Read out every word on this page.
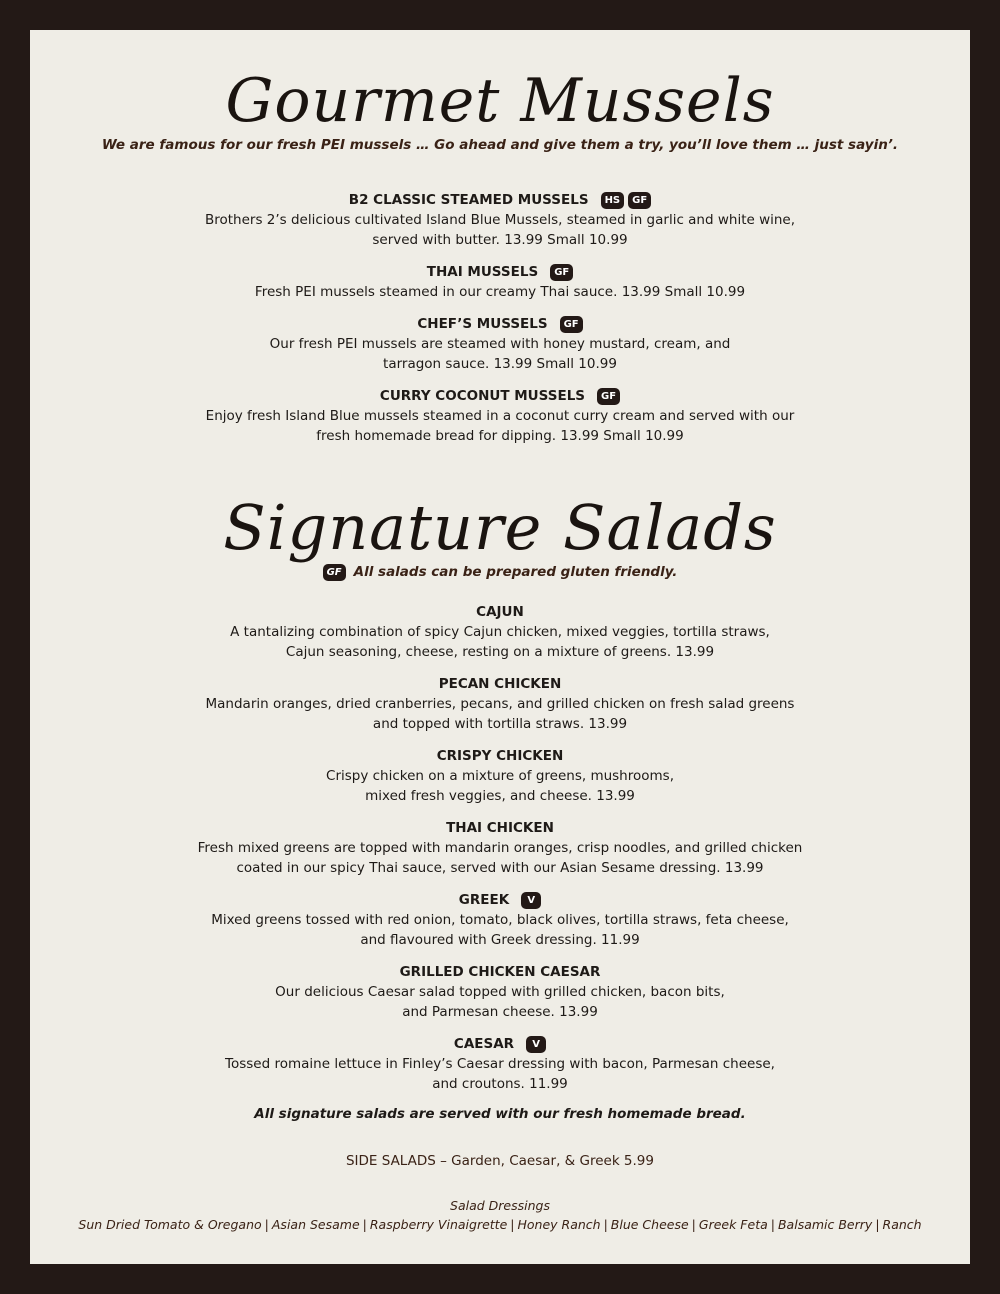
Gourmet Mussels
We are famous for our fresh PEI mussels … Go ahead and give them a try, you’ll love them … just sayin’.
B2 CLASSIC STEAMED MUSSELS HS GF
Brothers 2’s delicious cultivated Island Blue Mussels, steamed in garlic and white wine,
served with butter. 13.99 Small 10.99
THAI MUSSELS GF
Fresh PEI mussels steamed in our creamy Thai sauce. 13.99 Small 10.99
CHEF’S MUSSELS GF
Our fresh PEI mussels are steamed with honey mustard, cream, and
tarragon sauce. 13.99 Small 10.99
CURRY COCONUT MUSSELS GF
Enjoy fresh Island Blue mussels steamed in a coconut curry cream and served with our
fresh homemade bread for dipping. 13.99 Small 10.99
Signature Salads
GF All salads can be prepared gluten friendly.
CAJUN
A tantalizing combination of spicy Cajun chicken, mixed veggies, tortilla straws,
Cajun seasoning, cheese, resting on a mixture of greens. 13.99
PECAN CHICKEN
Mandarin oranges, dried cranberries, pecans, and grilled chicken on fresh salad greens
and topped with tortilla straws. 13.99
CRISPY CHICKEN
Crispy chicken on a mixture of greens, mushrooms,
mixed fresh veggies, and cheese. 13.99
THAI CHICKEN
Fresh mixed greens are topped with mandarin oranges, crisp noodles, and grilled chicken
coated in our spicy Thai sauce, served with our Asian Sesame dressing. 13.99
GREEK V
Mixed greens tossed with red onion, tomato, black olives, tortilla straws, feta cheese,
and flavoured with Greek dressing. 11.99
GRILLED CHICKEN CAESAR
Our delicious Caesar salad topped with grilled chicken, bacon bits,
and Parmesan cheese. 13.99
CAESAR V
Tossed romaine lettuce in Finley’s Caesar dressing with bacon, Parmesan cheese,
and croutons. 11.99
All signature salads are served with our fresh homemade bread.
SIDE SALADS – Garden, Caesar, & Greek 5.99
Salad Dressings
Sun Dried Tomato & Oregano | Asian Sesame | Raspberry Vinaigrette | Honey Ranch | Blue Cheese | Greek Feta | Balsamic Berry | Ranch
